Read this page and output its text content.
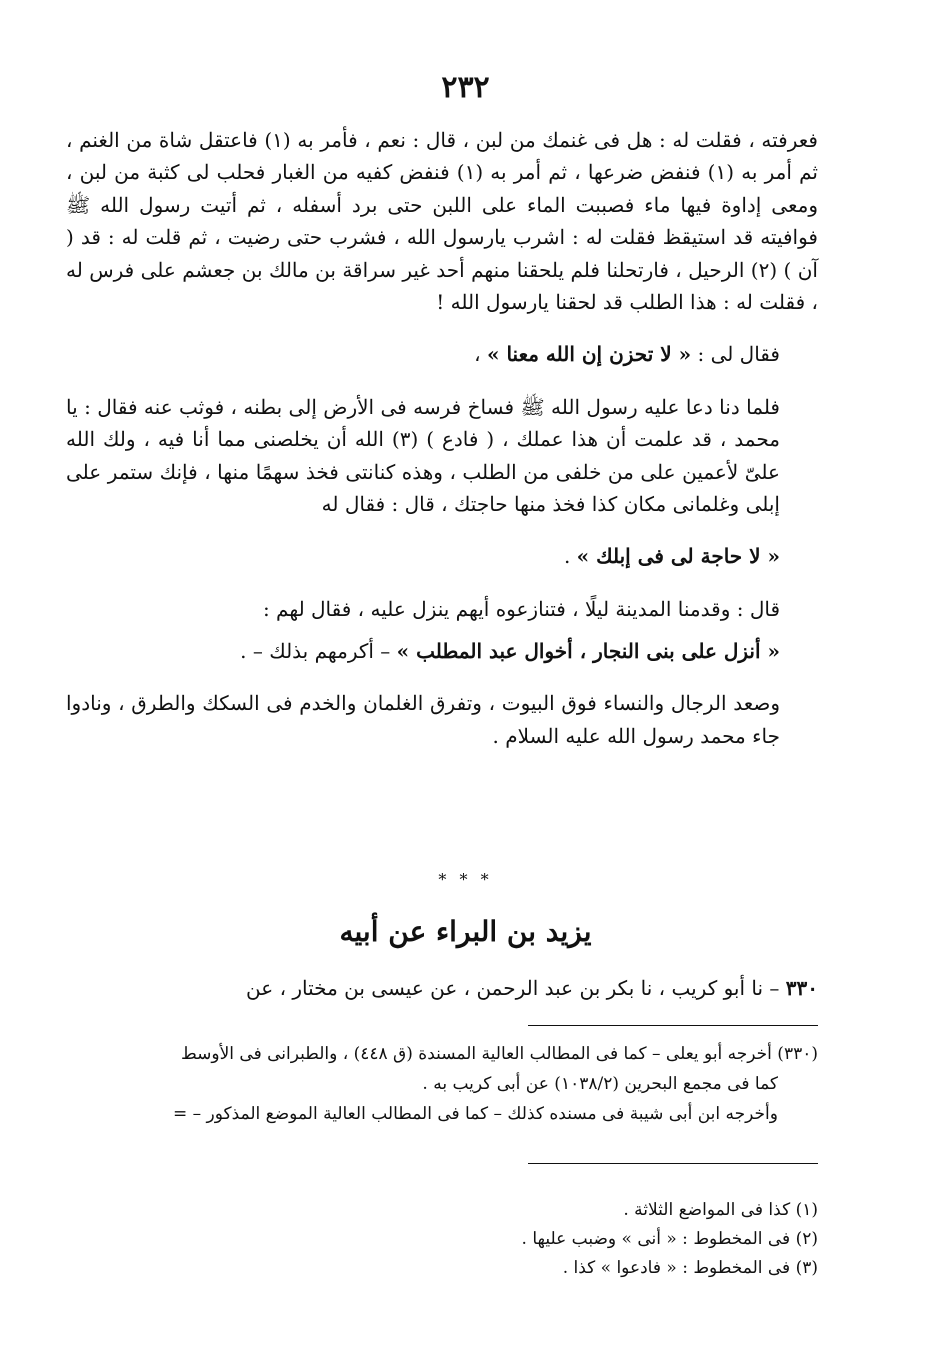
٢٣٢

فعرفته ، فقلت له : هل فى غنمك من لبن ، قال : نعم ، فأمر به (١) فاعتقل شاة من الغنم ، ثم أمر به (١) فنفض ضرعها ، ثم أمر به (١) فنفض كفيه من الغبار فحلب لى كثبة من لبن ، ومعى إداوة فيها ماء فصببت الماء على اللبن حتى برد أسفله ، ثم أتيت رسول الله ﷺ فوافيته قد استيقظ فقلت له : اشرب يارسول الله ، فشرب حتى رضيت ، ثم قلت له : قد ( آن ) (٢) الرحيل ، فارتحلنا فلم يلحقنا منهم أحد غير سراقة بن مالك بن جعشم على فرس له ، فقلت له : هذا الطلب قد لحقنا يارسول الله !

فقال لى : « لا تحزن إن الله معنا » ،

فلما دنا دعا عليه رسول الله ﷺ فساخ فرسه فى الأرض إلى بطنه ، فوثب عنه فقال : يا محمد ، قد علمت أن هذا عملك ، ( فادع ) (٣) الله أن يخلصنى مما أنا فيه ، ولك الله علىّ لأعمين على من خلفى من الطلب ، وهذه كنانتى فخذ سهمًا منها ، فإنك ستمر على إبلى وغلمانى مكان كذا فخذ منها حاجتك ، قال : فقال له

« لا حاجة لى فى إبلك » .

قال : وقدمنا المدينة ليلًا ، فتنازعوه أيهم ينزل عليه ، فقال لهم :

« أنزل على بنى النجار ، أخوال عبد المطلب » – أكرمهم بذلك – .

وصعد الرجال والنساء فوق البيوت ، وتفرق الغلمان والخدم فى السكك والطرق ، ونادوا جاء محمد رسول الله عليه السلام .

* * *
يزيد بن البراء عن أبيه
٣٣٠ – نا أبو كريب ، نا بكر بن عبد الرحمن ، عن عيسى بن مختار ، عن

(٣٣٠) أخرجه أبو يعلى – كما فى المطالب العالية المسندة (ق ٤٤٨) ، والطبرانى فى الأوسط

كما فى مجمع البحرين (١٠٣٨/٢) عن أبى كريب به .

وأخرجه ابن أبى شيبة فى مسنده كذلك – كما فى المطالب العالية الموضع المذكور – =

(١) كذا فى المواضع الثلاثة .

(٢) فى المخطوط : « أنى » وضبب عليها .

(٣) فى المخطوط : « فادعوا » كذا .
